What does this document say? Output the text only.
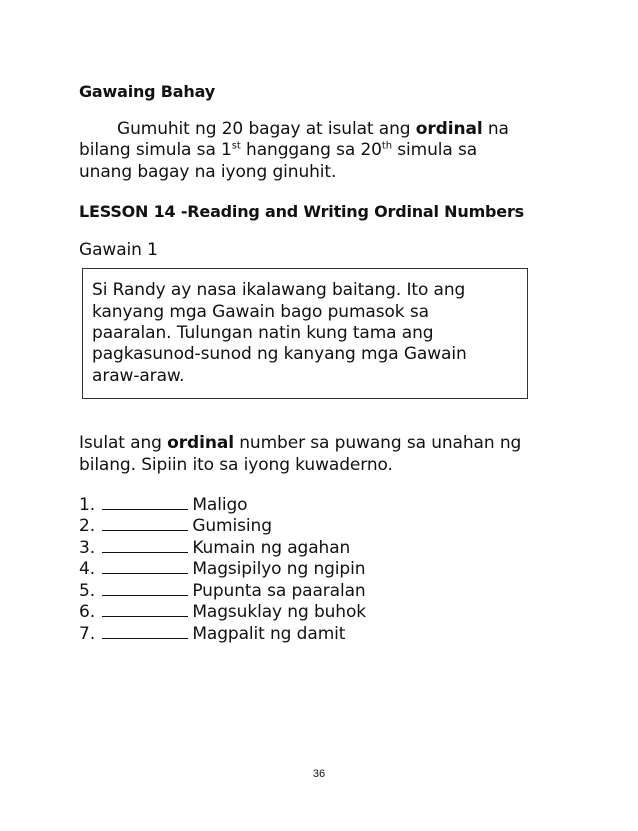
Gawaing Bahay
Gumuhit ng 20 bagay at isulat ang ordinal na
bilang simula sa 1st hanggang sa 20th simula sa
unang bagay na iyong ginuhit.
LESSON 14 -Reading and Writing Ordinal Numbers
Gawain 1
Si Randy ay nasa ikalawang baitang. Ito ang
kanyang mga Gawain bago pumasok sa
paaralan. Tulungan natin kung tama ang
pagkasunod-sunod ng kanyang mga Gawain
araw-araw.
Isulat ang ordinal number sa puwang sa unahan ng
bilang. Sipiin ito sa iyong kuwaderno.
1.	Maligo
2.	Gumising
3.	Kumain ng agahan
4.	Magsipilyo ng ngipin
5.	Pupunta sa paaralan
6.	Magsuklay ng buhok
7.	Magpalit ng damit
36
